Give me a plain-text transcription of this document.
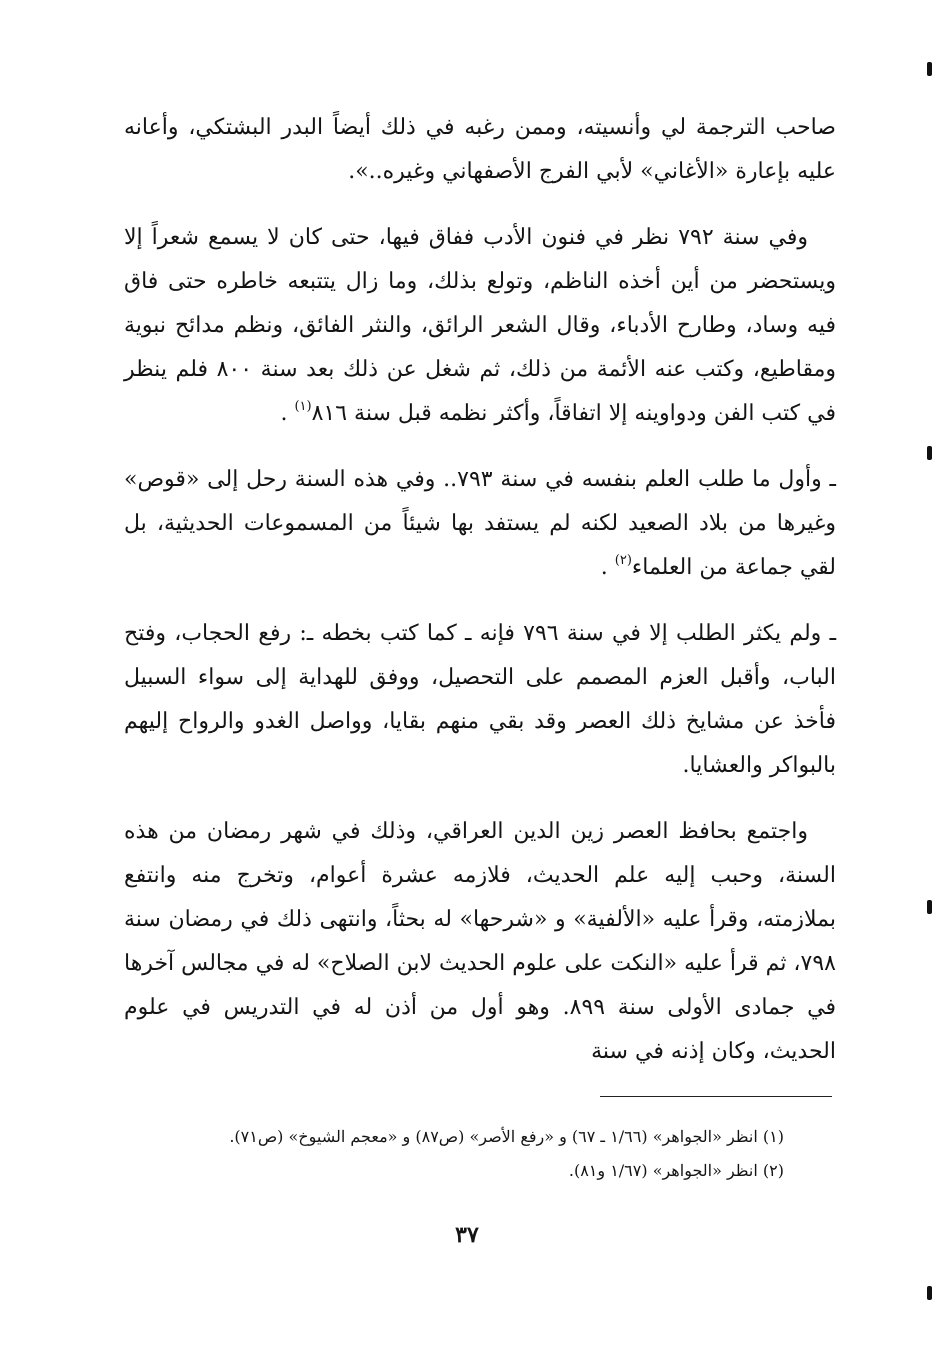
صاحب الترجمة لي وأنسيته، وممن رغبه في ذلك أيضاً البدر البشتكي، وأعانه عليه بإعارة «الأغاني» لأبي الفرج الأصفهاني وغيره..».

وفي سنة ٧٩٢ نظر في فنون الأدب ففاق فيها، حتى كان لا يسمع شعراً إلا ويستحضر من أين أخذه الناظم، وتولع بذلك، وما زال يتتبعه خاطره حتى فاق فيه وساد، وطارح الأدباء، وقال الشعر الرائق، والنثر الفائق، ونظم مدائح نبوية ومقاطيع، وكتب عنه الأئمة من ذلك، ثم شغل عن ذلك بعد سنة ٨٠٠ فلم ينظر في كتب الفن ودواوينه إلا اتفاقاً، وأكثر نظمه قبل سنة ٨١٦$^{(١)}$ .

ـ وأول ما طلب العلم بنفسه في سنة ٧٩٣.. وفي هذه السنة رحل إلى «قوص» وغيرها من بلاد الصعيد لكنه لم يستفد بها شيئاً من المسموعات الحديثية، بل لقي جماعة من العلماء$^{(٢)}$ .

ـ ولم يكثر الطلب إلا في سنة ٧٩٦ فإنه ـ كما كتب بخطه ـ: رفع الحجاب، وفتح الباب، وأقبل العزم المصمم على التحصيل، ووفق للهداية إلى سواء السبيل فأخذ عن مشايخ ذلك العصر وقد بقي منهم بقايا، وواصل الغدو والرواح إليهم بالبواكر والعشايا.

واجتمع بحافظ العصر زين الدين العراقي، وذلك في شهر رمضان من هذه السنة، وحبب إليه علم الحديث، فلازمه عشرة أعوام، وتخرج منه وانتفع بملازمته، وقرأ عليه «الألفية» و «شرحها» له بحثاً، وانتهى ذلك في رمضان سنة ٧٩٨، ثم قرأ عليه «النكت على علوم الحديث لابن الصلاح» له في مجالس آخرها في جمادى الأولى سنة ٨٩٩. وهو أول من أذن له في التدريس في علوم الحديث، وكان إذنه في سنة

(١) انظر «الجواهر» (١/٦٦ ـ ٦٧) و «رفع الأصر» (ص٨٧) و «معجم الشيوخ» (ص٧١).
(٢) انظر «الجواهر» (١/٦٧ و٨١).
٣٧
